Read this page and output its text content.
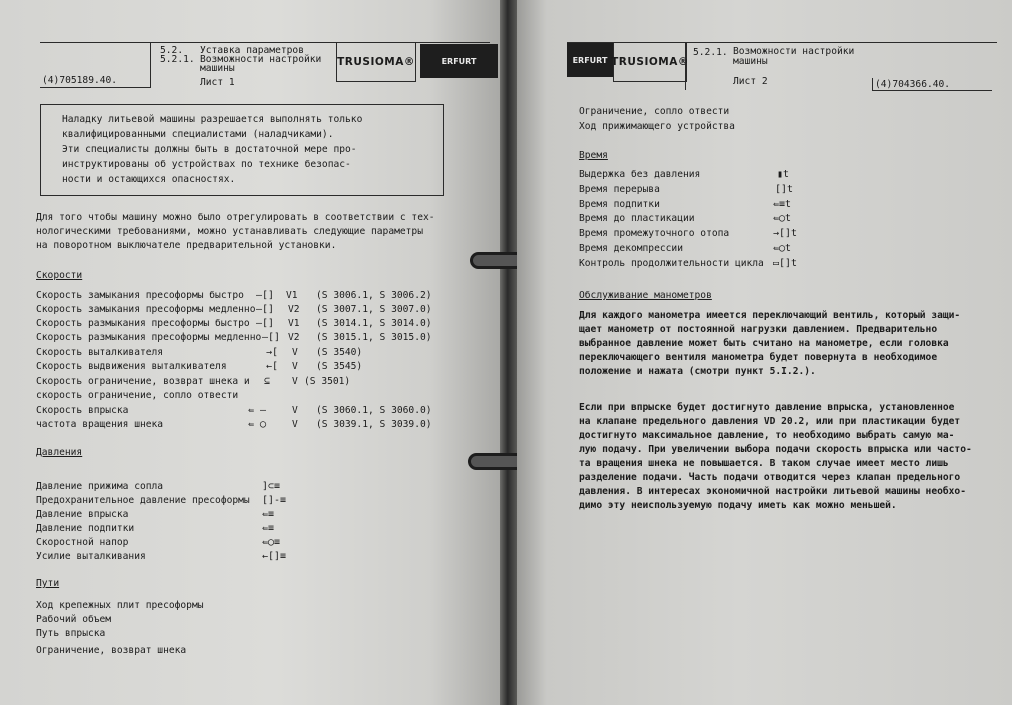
(4)705189.40.
5.2.
5.2.1.
Уставка параметров
Возможности настройки
машины
Лист 1
TRUSIOMA®	ERFURT
Наладку литьевой машины разрешается выполнять только
квалифицированными специалистами (наладчиками).
Эти специалисты должны быть в достаточной мере про-
инструктированы об устройствах по технике безопас-
ности и остающихся опасностях.
Для того чтобы машину можно было отрегулировать в соответствии с тех-
нологическими требованиями, можно устанавливать следующие параметры
на поворотном выключателе предварительной установки.
Скорости
Скорость замыкания пресоформы быстро —[] V1 (S 3006.1, S 3006.2)
Скорость замыкания пресоформы медленно —[] V2 (S 3007.1, S 3007.0)
Скорость размыкания пресоформы быстро —[] V1 (S 3014.1, S 3014.0)
Скорость размыкания пресоформы медленно —[] V2 (S 3015.1, S 3015.0)
Скорость выталкивателя	→[ V (S 3540)
Скорость выдвижения выталкивателя	←[ V (S 3545)
Скорость ограничение, возврат шнека и ⊆ V (S 3501)
скорость ограничение, сопло отвести
Скорость впрыска	⇚ —	V (S 3060.1, S 3060.0)
частота вращения шнека	⇚ ◯	V (S 3039.1, S 3039.0)
Давления
Давление прижима сопла	]⊂≡
Предохранительное давление пресоформы []-≡
Давление впрыска	⇚≡
Давление подпитки	⇚≡
Скоростной напор	⇚◯≡
Усилие выталкивания	←[]≡
Пути
Ход крепежных плит пресоформы
Рабочий объем
Путь впрыска
Ограничение, возврат шнека
ERFURT TRUSIOMA®
5.2.1. Возможности настройки
машины
Лист 2	(4)704366.40.
Ограничение, сопло отвести
Ход прижимающего устройства
Время
Выдержка без давления	▮t
Время перерыва	[]t
Время подпитки	⇚≡t
Время до пластикации	⇚◯t
Время промежуточного отопа	→[]t
Время декомпрессии	⇚◯t
Контроль продолжительности цикла ▭[]t
Обслуживание манометров
Для каждого манометра имеется переключающий вентиль, который защи-
щает манометр от постоянной нагрузки давлением. Предварительно
выбранное давление может быть считано на манометре, если головка
переключающего вентиля манометра будет повернута в необходимое
положение и нажата (смотри пункт 5.I.2.).
Если при впрыске будет достигнуто давление впрыска, установленное
на клапане предельного давления VD 20.2, или при пластикации будет
достигнуто максимальное давление, то необходимо выбрать самую ма-
лую подачу. При увеличении выбора подачи скорость впрыска или часто-
та вращения шнека не повышается. В таком случае имеет место лишь
разделение подачи. Часть подачи отводится через клапан предельного
давления. В интересах экономичной настройки литьевой машины необхо-
димо эту неиспользуемую подачу иметь как можно меньшей.
